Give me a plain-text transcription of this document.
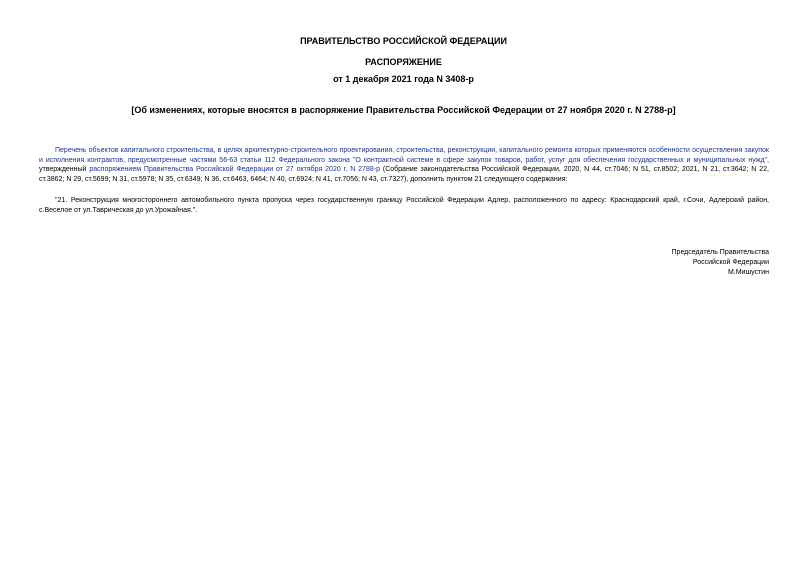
ПРАВИТЕЛЬСТВО РОССИЙСКОЙ ФЕДЕРАЦИИ
РАСПОРЯЖЕНИЕ
от 1 декабря 2021 года N 3408-р
[Об изменениях, которые вносятся в распоряжение Правительства Российской Федерации от 27 ноября 2020 г. N 2788-р]

Перечень объектов капитального строительства, в целях архитектурно-строительного проектирования, строительства, реконструкции, капитального ремонта которых применяются особенности осуществления закупок и исполнения контрактов, предусмотренные частями 56-63 статьи 112 Федерального закона "О контрактной системе в сфере закупок товаров, работ, услуг для обеспечения государственных и муниципальных нужд", утвержденный распоряжением Правительства Российской Федерации от 27 октября 2020 г. N 2788-р (Собрание законодательства Российской Федерации, 2020, N 44, ст.7046; N 51, ст.8502; 2021, N 21, ст.3642; N 22, ст.3862; N 29, ст.5699; N 31, ст.5978; N 35, ст.6349; N 36, ст.6463, 6464; N 40, ст.6924; N 41, ст.7056; N 43, ст.7327), дополнить пунктом 21 следующего содержания:

"21. Реконструкция многостороннего автомобильного пункта пропуска через государственную границу Российской Федерации Адлер, расположенного по адресу: Краснодарский край, г.Сочи, Адлерский район, с.Веселое от ул.Таврическая до ул.Урожайная.".

Председатель Правительства
Российской Федерации
М.Мишустин
